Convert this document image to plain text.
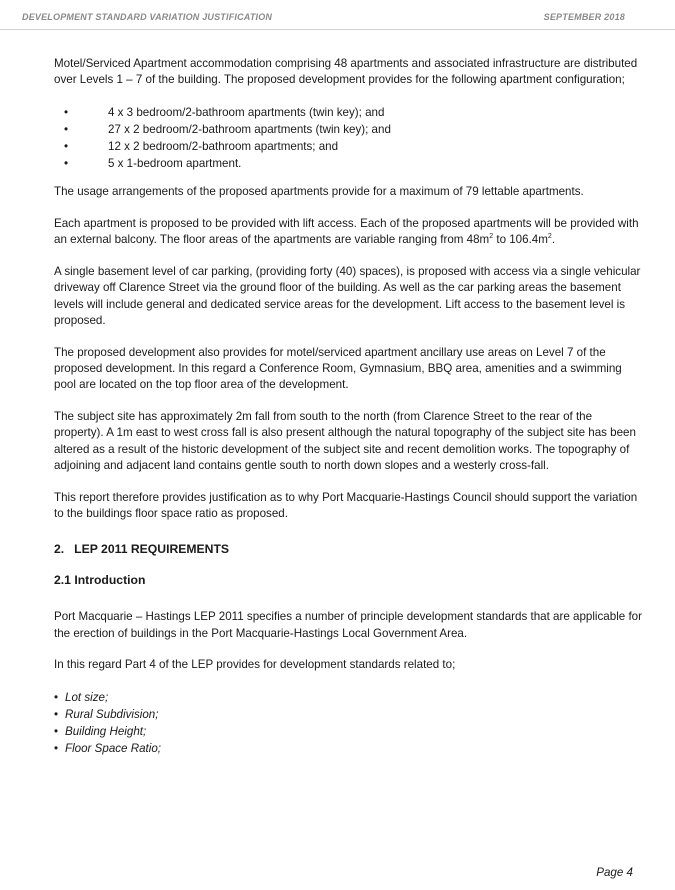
DEVELOPMENT STANDARD VARIATION JUSTIFICATION	SEPTEMBER 2018

Motel/Serviced Apartment accommodation comprising 48 apartments and associated infrastructure are distributed over Levels 1 – 7 of the building. The proposed development provides for the following apartment configuration;

• 4 x 3 bedroom/2-bathroom apartments (twin key); and
• 27 x 2 bedroom/2-bathroom apartments (twin key); and
• 12 x 2 bedroom/2-bathroom apartments; and
• 5 x 1-bedroom apartment.

The usage arrangements of the proposed apartments provide for a maximum of 79 lettable apartments.

Each apartment is proposed to be provided with lift access. Each of the proposed apartments will be provided with an external balcony. The floor areas of the apartments are variable ranging from $48m^2$ to $106.4m^2$.

A single basement level of car parking, (providing forty (40) spaces), is proposed with access via a single vehicular driveway off Clarence Street via the ground floor of the building. As well as the car parking areas the basement levels will include general and dedicated service areas for the development. Lift access to the basement level is proposed.

The proposed development also provides for motel/serviced apartment ancillary use areas on Level 7 of the proposed development. In this regard a Conference Room, Gymnasium, BBQ area, amenities and a swimming pool are located on the top floor area of the development.

The subject site has approximately 2m fall from south to the north (from Clarence Street to the rear of the property). A 1m east to west cross fall is also present although the natural topography of the subject site has been altered as a result of the historic development of the subject site and recent demolition works. The topography of adjoining and adjacent land contains gentle south to north down slopes and a westerly cross-fall.

This report therefore provides justification as to why Port Macquarie-Hastings Council should support the variation to the buildings floor space ratio as proposed.

2. LEP 2011 REQUIREMENTS
2.1 Introduction

Port Macquarie – Hastings LEP 2011 specifies a number of principle development standards that are applicable for the erection of buildings in the Port Macquarie-Hastings Local Government Area.

In this regard Part 4 of the LEP provides for development standards related to;

• Lot size;
• Rural Subdivision;
• Building Height;
• Floor Space Ratio;
Page 4
